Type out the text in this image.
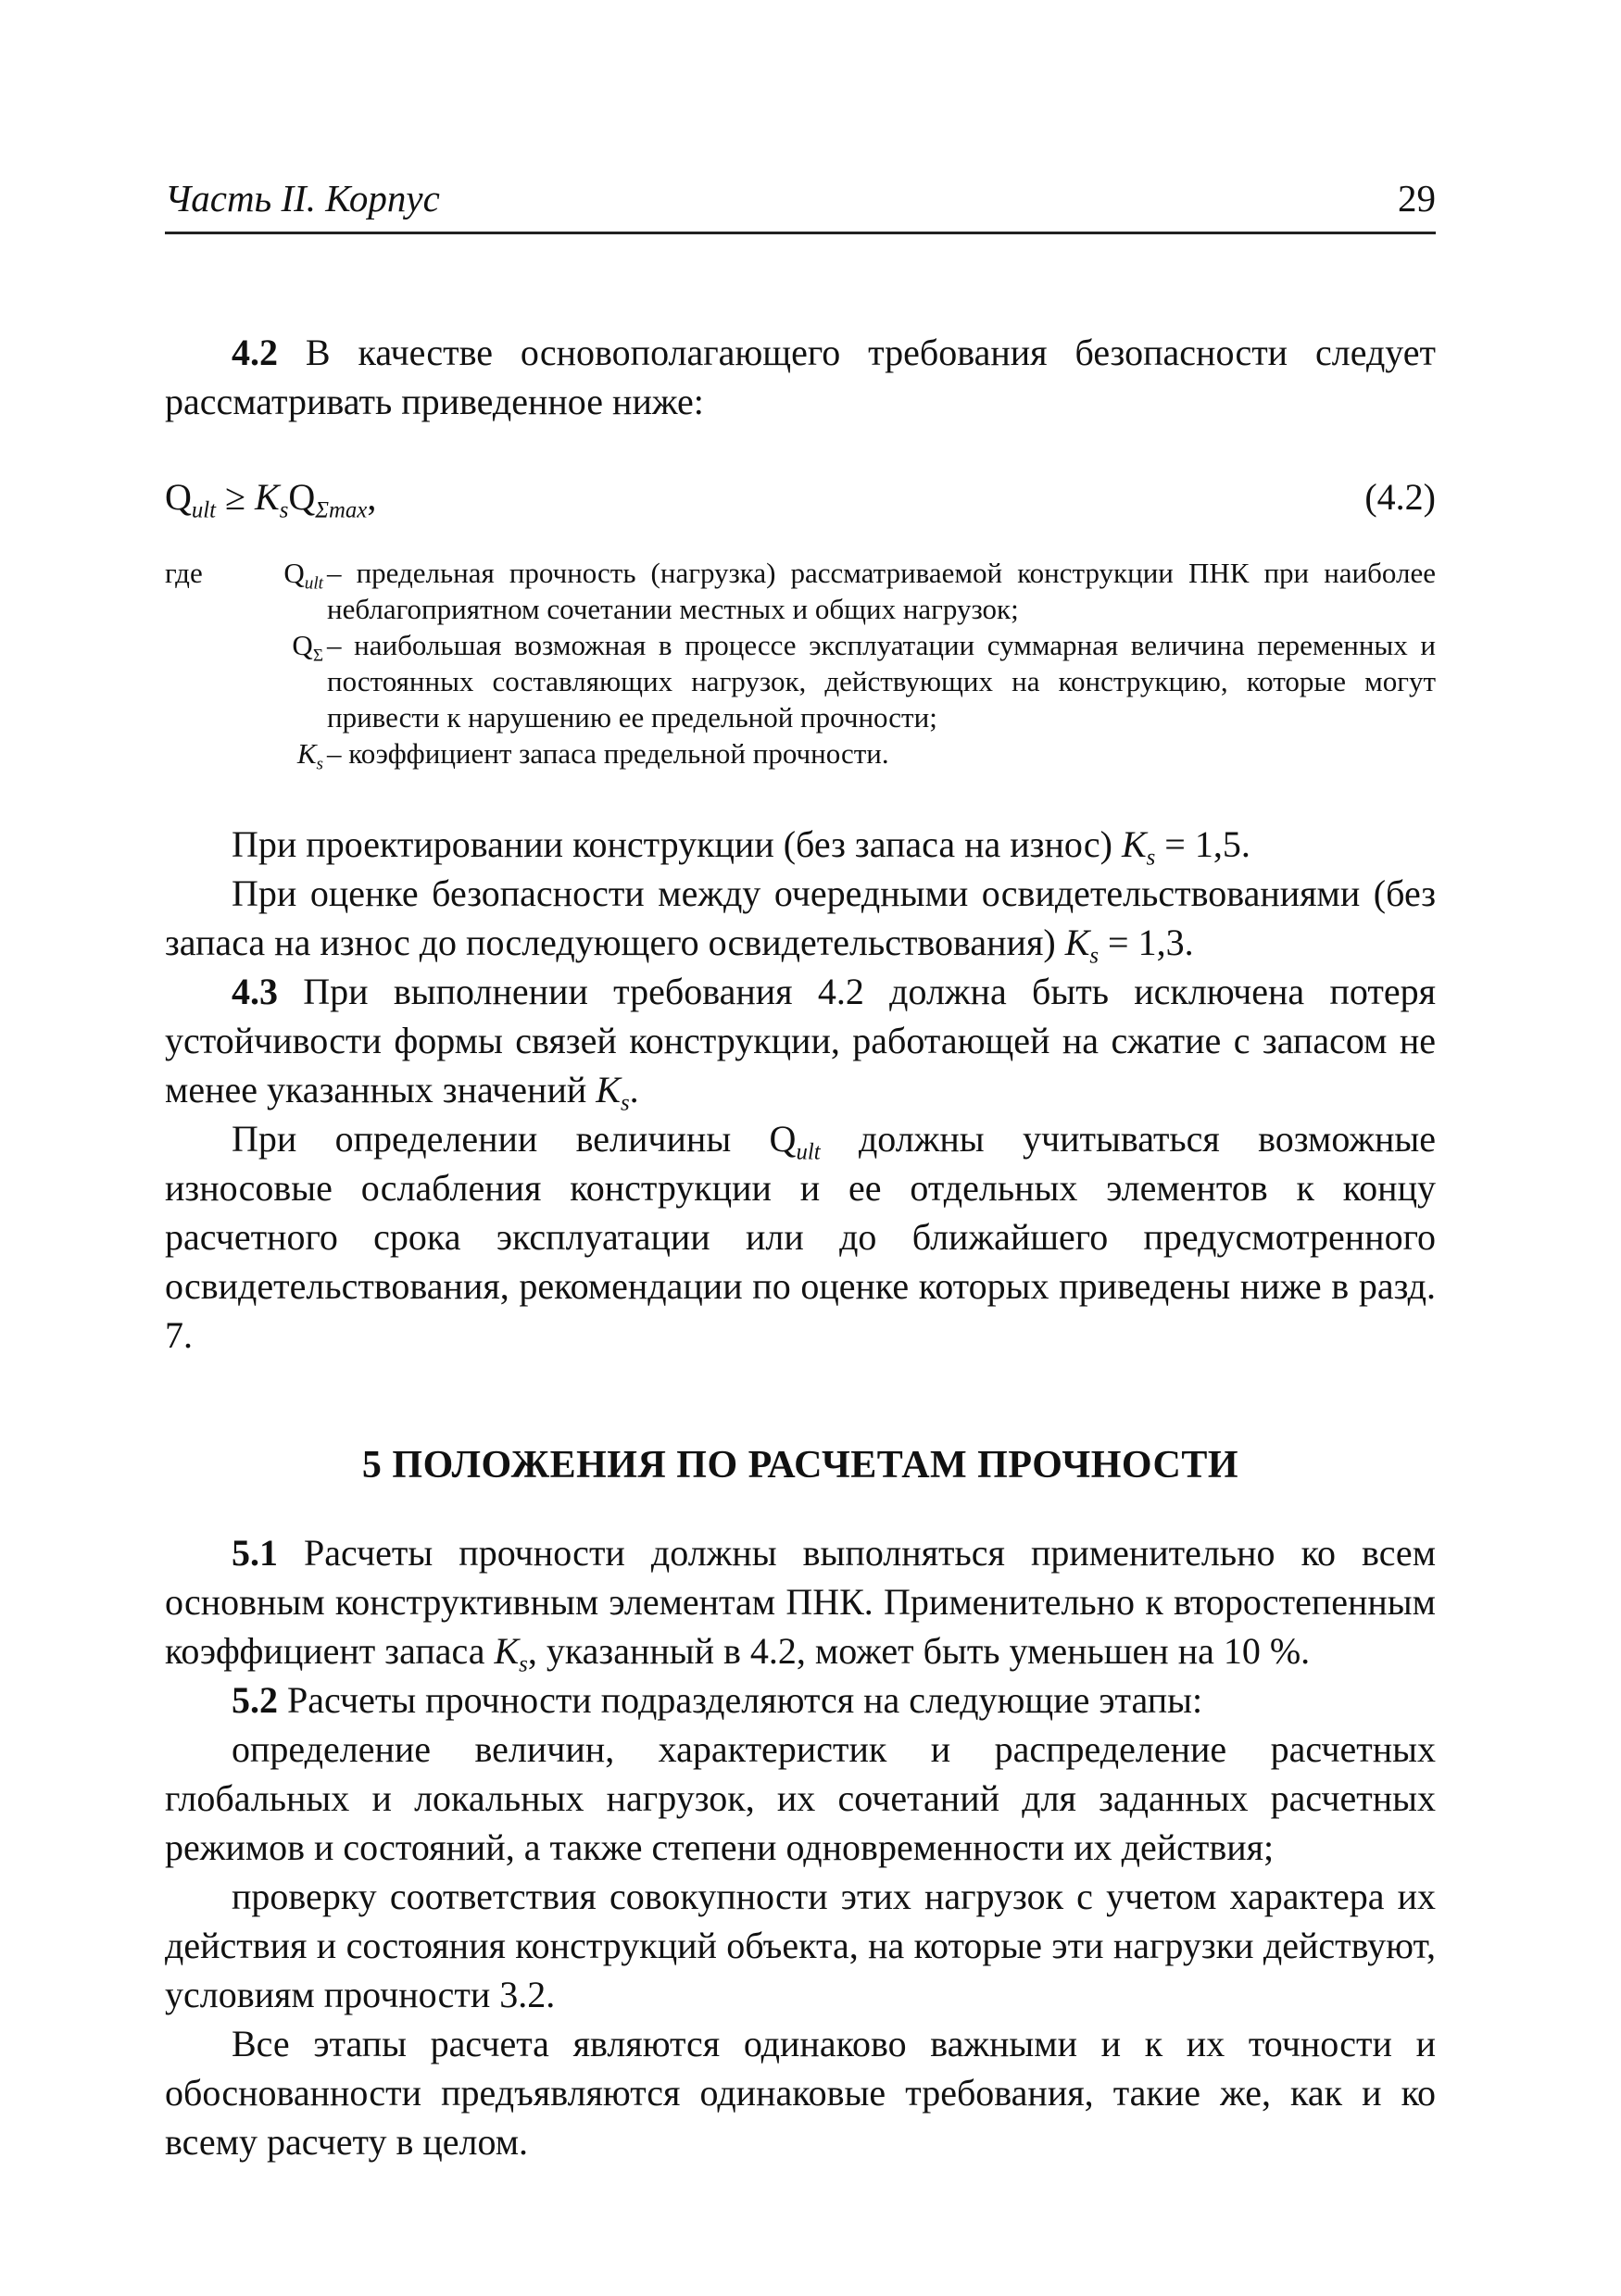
Часть II. Корпус	29

4.2 В качестве основополагающего требования безопасности следует рассматривать приведенное ниже:

$Q_{ult} \ge K_sQ_{\Sigma max}$,	(4.2)
где	$Q_{ult}$ – предельная прочность (нагрузка) рассматриваемой конструкции ПНК при наиболее неблагоприятном сочетании местных и общих нагрузок;
$Q_\Sigma$ – наибольшая возможная в процессе эксплуатации суммарная величина переменных и постоянных составляющих нагрузок, действующих на конструкцию, которые могут привести к нарушению ее предельной прочности;
$K_s$ – коэффициент запаса предельной прочности.

При проектировании конструкции (без запаса на износ) $K_s = 1,5$.

При оценке безопасности между очередными освидетельствованиями (без запаса на износ до последующего освидетельствования) $K_s = 1,3$.

4.3 При выполнении требования 4.2 должна быть исключена потеря устойчивости формы связей конструкции, работающей на сжатие с запасом не менее указанных значений $K_s$.

При определении величины $Q_{ult}$ должны учитываться возможные износовые ослабления конструкции и ее отдельных элементов к концу расчетного срока эксплуатации или до ближайшего предусмотренного освидетельствования, рекомендации по оценке которых приведены ниже в разд. 7.

5 ПОЛОЖЕНИЯ ПО РАСЧЕТАМ ПРОЧНОСТИ

5.1 Расчеты прочности должны выполняться применительно ко всем основным конструктивным элементам ПНК. Применительно к второстепенным коэффициент запаса $K_s$, указанный в 4.2, может быть уменьшен на 10 %.

5.2 Расчеты прочности подразделяются на следующие этапы:

определение величин, характеристик и распределение расчетных глобальных и локальных нагрузок, их сочетаний для заданных расчетных режимов и состояний, а также степени одновременности их действия;

проверку соответствия совокупности этих нагрузок с учетом характера их действия и состояния конструкций объекта, на которые эти нагрузки действуют, условиям прочности 3.2.

Все этапы расчета являются одинаково важными и к их точности и обоснованности предъявляются одинаковые требования, такие же, как и ко всему расчету в целом.
